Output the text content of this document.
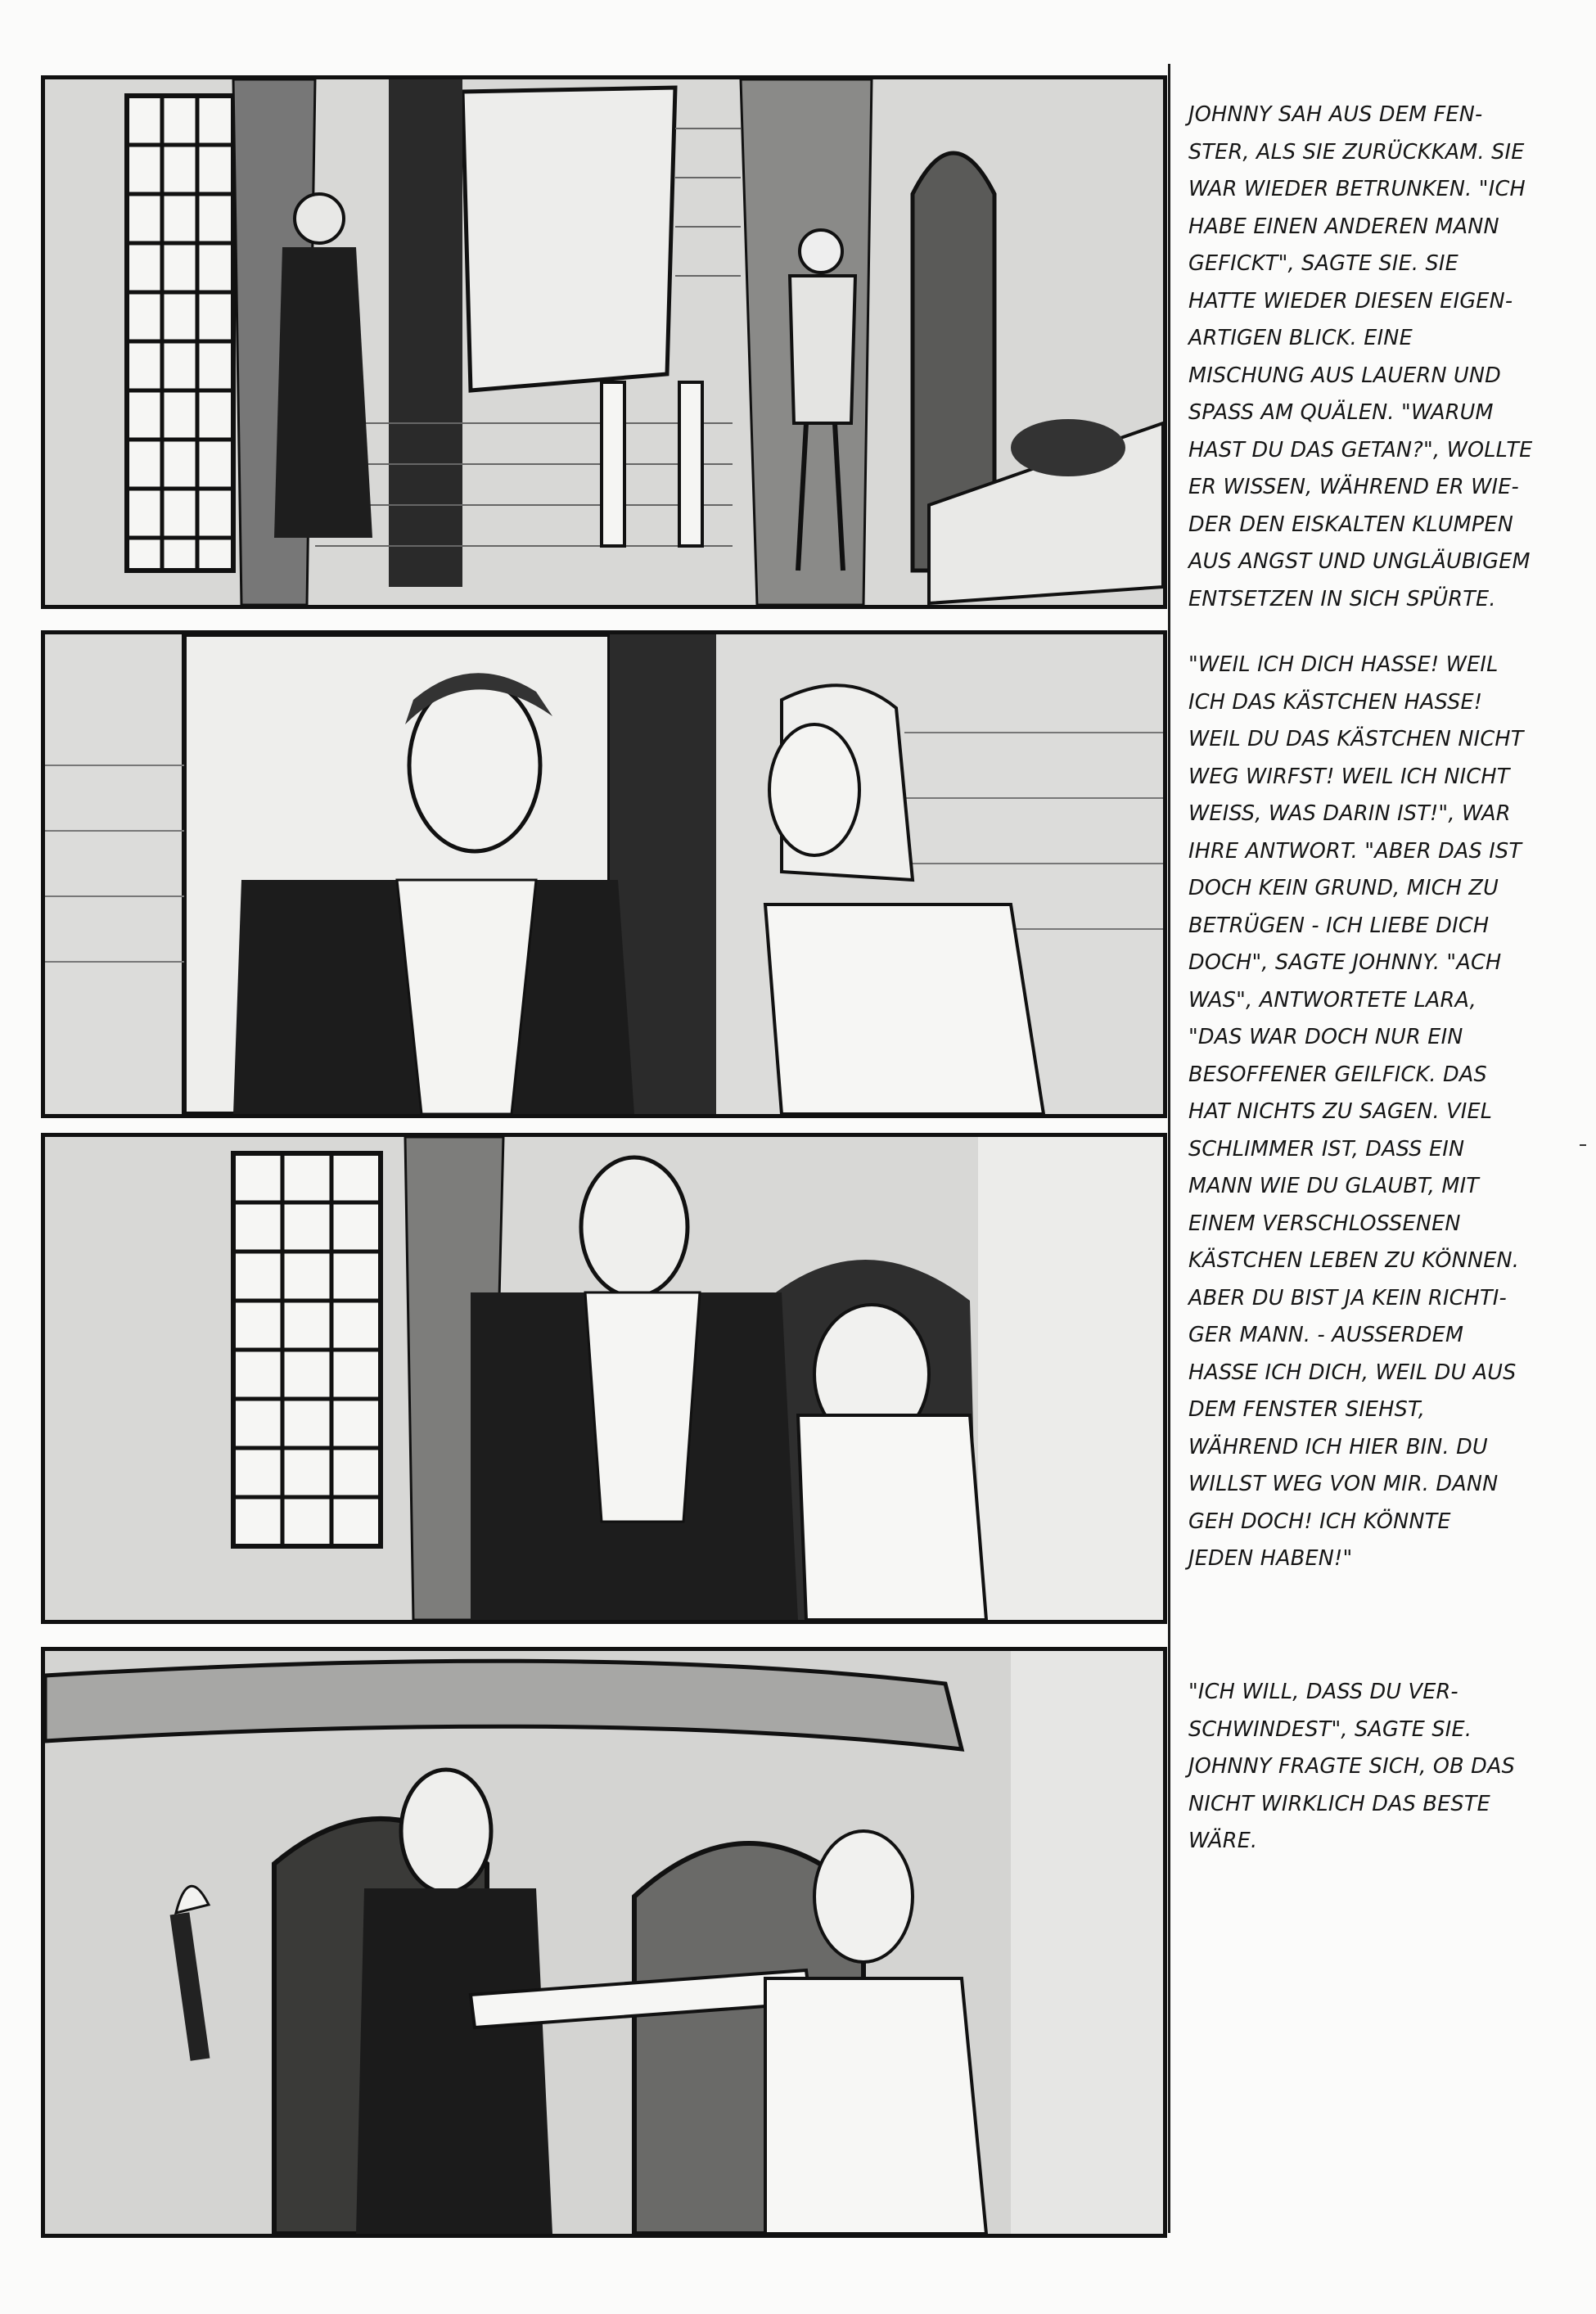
JOHNNY SAH AUS DEM FEN-
STER, ALS SIE ZURÜCKKAM. SIE
WAR WIEDER BETRUNKEN. "ICH
HABE EINEN ANDEREN MANN
GEFICKT", SAGTE SIE. SIE
HATTE WIEDER DIESEN EIGEN-
ARTIGEN BLICK. EINE
MISCHUNG AUS LAUERN UND
SPASS AM QUÄLEN. "WARUM
HAST DU DAS GETAN?", WOLLTE
ER WISSEN, WÄHREND ER WIE-
DER DEN EISKALTEN KLUMPEN
AUS ANGST UND UNGLÄUBIGEM
ENTSETZEN IN SICH SPÜRTE.
"WEIL ICH DICH HASSE! WEIL
ICH DAS KÄSTCHEN HASSE!
WEIL DU DAS KÄSTCHEN NICHT
WEG WIRFST! WEIL ICH NICHT
WEISS, WAS DARIN IST!", WAR
IHRE ANTWORT. "ABER DAS IST
DOCH KEIN GRUND, MICH ZU
BETRÜGEN - ICH LIEBE DICH
DOCH", SAGTE JOHNNY. "ACH
WAS", ANTWORTETE LARA,
"DAS WAR DOCH NUR EIN
BESOFFENER GEILFICK. DAS
HAT NICHTS ZU SAGEN. VIEL
SCHLIMMER IST, DASS EIN
MANN WIE DU GLAUBT, MIT
EINEM VERSCHLOSSENEN
KÄSTCHEN LEBEN ZU KÖNNEN.
ABER DU BIST JA KEIN RICHTI-
GER MANN. - AUSSERDEM
HASSE ICH DICH, WEIL DU AUS
DEM FENSTER SIEHST,
WÄHREND ICH HIER BIN. DU
WILLST WEG VON MIR. DANN
GEH DOCH! ICH KÖNNTE
JEDEN HABEN!"
"ICH WILL, DASS DU VER-
SCHWINDEST", SAGTE SIE.
JOHNNY FRAGTE SICH, OB DAS
NICHT WIRKLICH DAS BESTE
WÄRE.
